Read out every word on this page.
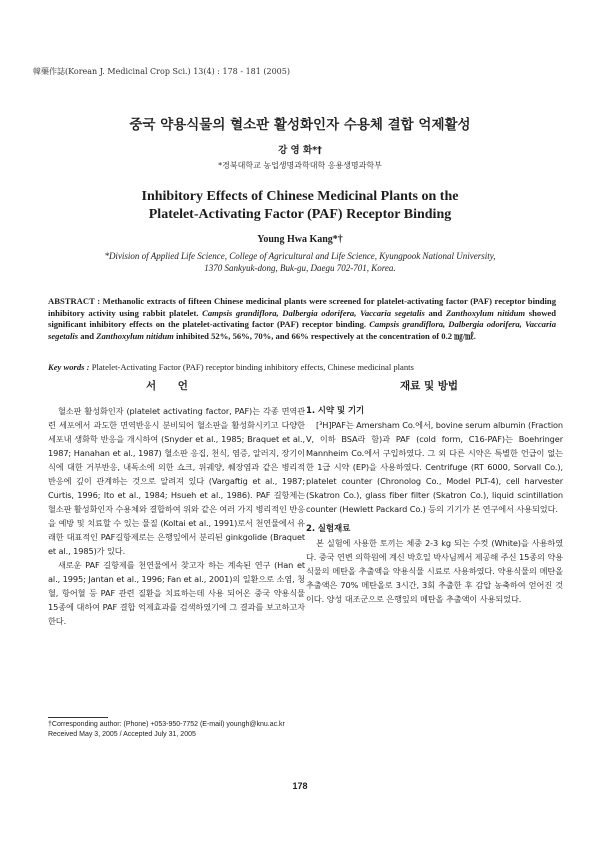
韓藥作誌(Korean J. Medicinal Crop Sci.) 13(4) : 178 - 181 (2005)
중국 약용식물의 혈소판 활성화인자 수용체 결합 억제활성
강 영 화*†
*경북대학교 농업생명과학대학 응용생명과학부
Inhibitory Effects of Chinese Medicinal Plants on the
Platelet-Activating Factor (PAF) Receptor Binding
Young Hwa Kang*†
*Division of Applied Life Science, College of Agricultural and Life Science, Kyungpook National University,
1370 Sankyuk-dong, Buk-gu, Daegu 702-701, Korea.
ABSTRACT : Methanolic extracts of fifteen Chinese medicinal plants were screened for platelet-activating factor (PAF) receptor binding inhibitory activity using rabbit platelet. Campsis grandiflora, Dalbergia odorifera, Vaccaria segetalis and Zanthoxylum nitidum showed significant inhibitory effects on the platelet-activating factor (PAF) receptor binding. Campsis grandiflora, Dalbergia odorifera, Vaccaria segetalis and Zanthoxylum nitidum inhibited 52%, 56%, 70%, and 66% respectively at the concentration of 0.2 ㎎/㎖.
Key words : Platelet-Activating Factor (PAF) receptor binding inhibitory effects, Chinese medicinal plants
서 언	재료 및 방법

혈소판 활성화인자 (platelet activating factor, PAF)는 각종 면역관련 세포에서 과도한 면역반응시 분비되어 혈소판을 활성화시키고 다양한 세포내 생화학 반응을 개시하여 (Snyder et al., 1985; Braquet et al., 1987; Hanahan et al., 1987) 혈소판 응집, 천식, 염증, 알러지, 장기이식에 대한 거부반응, 내독소에 의한 쇼크, 위궤양, 췌장염과 같은 병리적 반응에 깊이 관계하는 것으로 알려져 있다 (Vargaftig et al., 1987; Curtis, 1996; Ito et al., 1984; Hsueh et al., 1986). PAF 길항제는 혈소판 활성화인자 수용체와 결합하여 위와 같은 여러 가지 병리적인 반응을 예방 및 치료할 수 있는 물질 (Koltai et al., 1991)로서 천연물에서 유래한 대표적인 PAF길항제로는 은행잎에서 분리된 ginkgolide (Braquet et al., 1985)가 있다.

새로운 PAF 길항제를 천연물에서 찾고자 하는 계속된 연구 (Han et al., 1995; Jantan et al., 1996; Fan et al., 2001)의 일환으로 소염, 청혈, 항어혈 등 PAF 관련 질환을 치료하는데 사용 되어온 중국 약용식물 15종에 대하여 PAF 결합 억제효과를 검색하였기에 그 결과를 보고하고자 한다.

1. 시약 및 기기

[³H]PAF는 Amersham Co.에서, bovine serum albumin (Fraction V, 이하 BSA라 함)과 PAF (cold form, C16-PAF)는 Boehringer Mannheim Co.에서 구입하였다. 그 외 다른 시약은 특별한 언급이 없는 한 1급 시약 (EP)을 사용하였다. Centrifuge (RT 6000, Sorvall Co.), platelet counter (Chronolog Co., Model PLT-4), cell harvester (Skatron Co.), glass fiber filter (Skatron Co.), liquid scintillation counter (Hewlett Packard Co.) 등의 기기가 본 연구에서 사용되었다.

2. 실험재료

본 실험에 사용한 토끼는 체중 2-3 kg 되는 수컷 (White)을 사용하였다. 중국 연변 의학원에 계신 박호일 박사님께서 제공해 주신 15종의 약용식물의 메탄올 추출액을 약용식물 시료로 사용하였다. 약용식물의 메탄올 추출액은 70% 메탄올로 3시간, 3회 추출한 후 감압 농축하여 얻어진 것이다. 양성 대조군으로 은행잎의 메탄올 추출액이 사용되었다.

†Corresponding author: (Phone) +053-950-7752 (E-mail) youngh@knu.ac.kr
Received May 3, 2005 / Accepted July 31, 2005
178
